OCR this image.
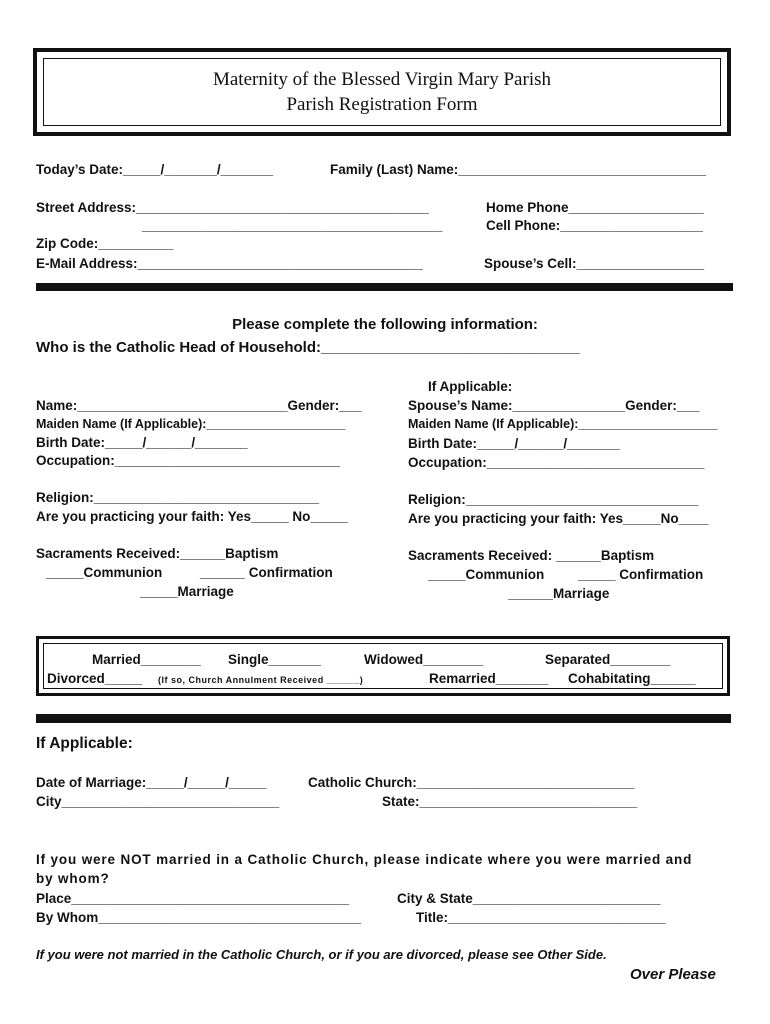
Maternity of the Blessed Virgin Mary Parish
Parish Registration Form
Today’s Date:_____/_______/_______	Family (Last) Name:_________________________________
Street Address:_______________________________________
________________________________________
Home Phone__________________
Cell Phone:___________________
Zip Code:__________
E-Mail Address:______________________________________	Spouse’s Cell:_________________
Please complete the following information:
Who is the Catholic Head of Household:_______________________________
Name:____________________________Gender:___
Maiden Name (If Applicable):____________________
Birth Date:_____/______/_______
Occupation:______________________________
Religion:______________________________
Are you practicing your faith: Yes_____ No_____
Sacraments Received:______Baptism
_____Communion	______ Confirmation
_____Marriage
If Applicable:
Spouse’s Name:_______________Gender:___
Maiden Name (If Applicable):____________________
Birth Date:_____/______/_______
Occupation:_____________________________
Religion:_______________________________
Are you practicing your faith: Yes_____No____
Sacraments Received: ______Baptism
_____Communion _____ Confirmation
______Marriage
Married________ Single_______	Widowed________	Separated________
Divorced_____ (If so, Church Annulment Received ______)	Remarried_______ Cohabitating______
If Applicable:
Date of Marriage:_____/_____/_____	Catholic Church:_____________________________
City_____________________________	State:_____________________________
If you were NOT married in a Catholic Church, please indicate where you were married and
by whom?
Place_____________________________________	City & State_________________________
By Whom___________________________________	Title:_____________________________
If you were not married in the Catholic Church, or if you are divorced, please see Other Side.
Over Please
